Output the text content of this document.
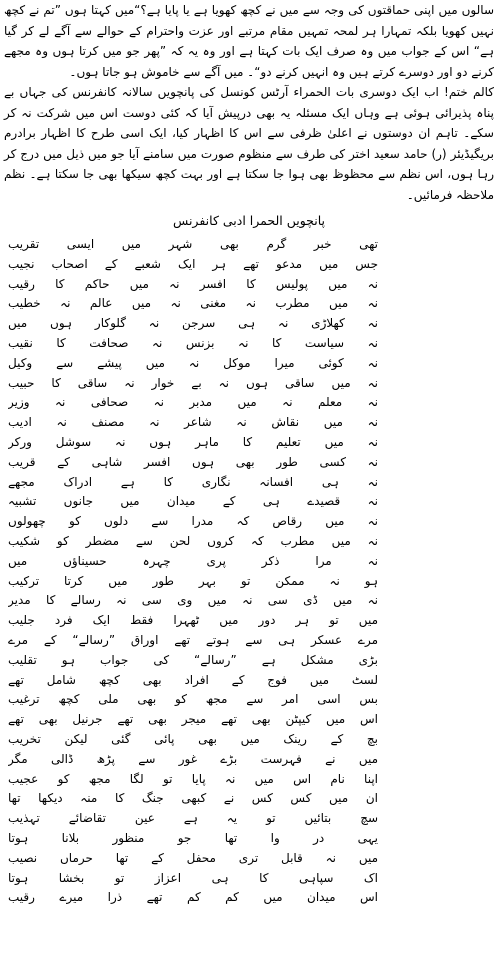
سالوں میں اپنی حماقتوں کی وجہ سے میں نے کچھ کھویا ہے یا پایا ہے؟“میں کہتا ہوں ”تم نے کچھ نہیں کھویا بلکہ تمہارا ہر لمحہ تمہیں مقام مرتبے اور عزت واحترام کے حوالے سے آگے لے کر گیا ہے“ اس کے جواب میں وہ صرف ایک بات کہتا ہے اور وہ یہ کہ ”پھر جو میں کرتا ہوں وہ مجھے کرنے دو اور دوسرے کرتے ہیں وہ انہیں کرنے دو“۔ میں آگے سے خاموش ہو جاتا ہوں۔

کالم ختم! اب ایک دوسری بات الحمراء آرٹس کونسل کی پانچویں سالانہ کانفرنس کی جہاں بے پناہ پذیرائی ہوئی ہے وہاں ایک مسئلہ یہ بھی درپیش آیا کہ کئی دوست اس میں شرکت نہ کر سکے۔ تاہم ان دوستوں نے اعلیٰ ظرفی سے اس کا اظہار کیا، ایک اسی طرح کا اظہار برادرم بریگیڈیئر (ر) حامد سعید اختر کی طرف سے منظوم صورت میں سامنے آیا جو میں ذیل میں درج کر رہا ہوں، اس نظم سے محظوظ بھی ہوا جا سکتا ہے اور بہت کچھ سیکھا بھی جا سکتا ہے۔ نظم ملاحظہ فرمائیں۔

پانچویں الحمرا ادبی کانفرنس
تھی خبر گرم بھی شہر میں ایسی تقریب
جس میں مدعو تھے ہر ایک شعبے کے اصحاب نجیب
نہ میں پولیس کا افسر نہ میں حاکم کا رقیب
نہ میں مطرب نہ مغنی نہ میں عالم نہ خطیب
نہ کھلاڑی نہ ہی سرجن نہ گلوکار ہوں میں
نہ سیاست کا نہ بزنس نہ صحافت کا نقیب
نہ کوئی میرا موکل نہ میں پیشے سے وکیل
نہ میں ساقی ہوں نہ بے خوار نہ ساقی کا حبیب
نہ معلم نہ میں مدبر نہ صحافی نہ وزیر
نہ میں نقاش نہ شاعر نہ مصنف نہ ادیب
نہ میں تعلیم کا ماہر ہوں نہ سوشل ورکر
نہ کسی طور بھی ہوں افسر شاہی کے قریب
نہ ہی افسانہ نگاری کا ہے ادراک مجھے
نہ قصیدے ہی کے میدان میں جانوں تشبیہ
نہ میں رقاص کہ مدرا سے دلوں کو چھولوں
نہ میں مطرب کہ کروں لحن سے مضطر کو شکیب
نہ مرا ذکر پری چہرہ حسیناؤں میں
ہو نہ ممکن تو بہر طور میں کرتا ترکیب
نہ میں ڈی سی نہ میں وی سی نہ رسالے کا مدیر
میں تو ہر دور میں ٹھہرا فقط ایک فرد جلیب
مرے عسکر ہی سے ہوتے تھے اوراق ”رسالے“ کے مرے
بڑی مشکل ہے ”رسالے“ کی جواب ہو تقلیب
لسٹ میں فوج کے افراد بھی کچھ شامل تھے
بس اسی امر سے مجھ کو بھی ملی کچھ ترغیب
اس میں کیپٹن بھی تھے میجر بھی تھے جرنیل بھی تھے
بچ کے رینک میں بھی پائی گئی لیکن تخریب
میں نے فہرست بڑے غور سے پڑھ ڈالی مگر
اپنا نام اس میں نہ پایا تو لگا مجھ کو عجیب
ان میں کس کس نے کبھی جنگ کا منہ دیکھا تھا
سچ بتائیں تو یہ ہے عین تقاضائے تہذیب
یہی در وا تھا جو منظور بلانا ہوتا
میں نہ قابل تری محفل کے تھا حرماں نصیب
اک سپاہی کا ہی اعزاز تو بخشا ہوتا
اس میدان میں کم کم تھے ذرا میرے رقیب
